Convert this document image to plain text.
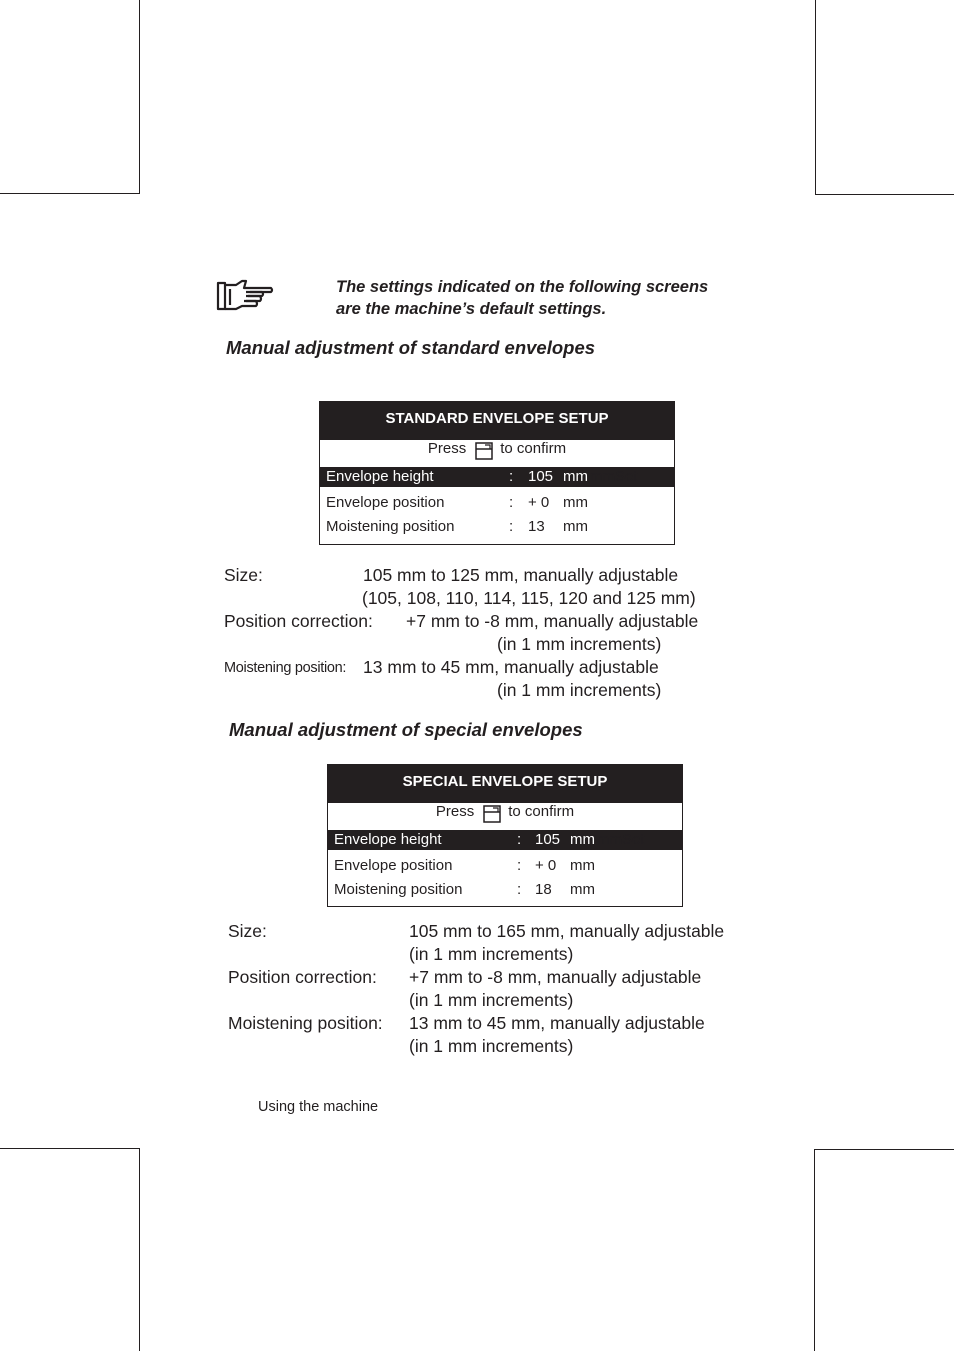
The settings indicated on the following screens
are the machine’s default settings.
Manual adjustment of standard envelopes
STANDARD ENVELOPE SETUP
Press to confirm
Envelope height	: 105 mm mmSet
Envelope position	: + 0 mm
Moistening position	: 13 mm
Size:	105 mm to 125 mm, manually adjustable
(105, 108, 110, 114, 115, 120 and 125 mm)
Position correction: +7 mm to -8 mm, manually adjustable
(in 1 mm increments)
Moistening position: 13 mm to 45 mm, manually adjustable
(in 1 mm increments)
Manual adjustment of special envelopes
SPECIAL ENVELOPE SETUP
Press to confirm
Envelope height	: 105 mm mmSet
Envelope position	: + 0 mm
Moistening position	: 18 mm
Size:	105 mm to 165 mm, manually adjustable
(in 1 mm increments)
Position correction: +7 mm to -8 mm, manually adjustable
(in 1 mm increments)
Moistening position: 13 mm to 45 mm, manually adjustable
(in 1 mm increments)
Using the machine
